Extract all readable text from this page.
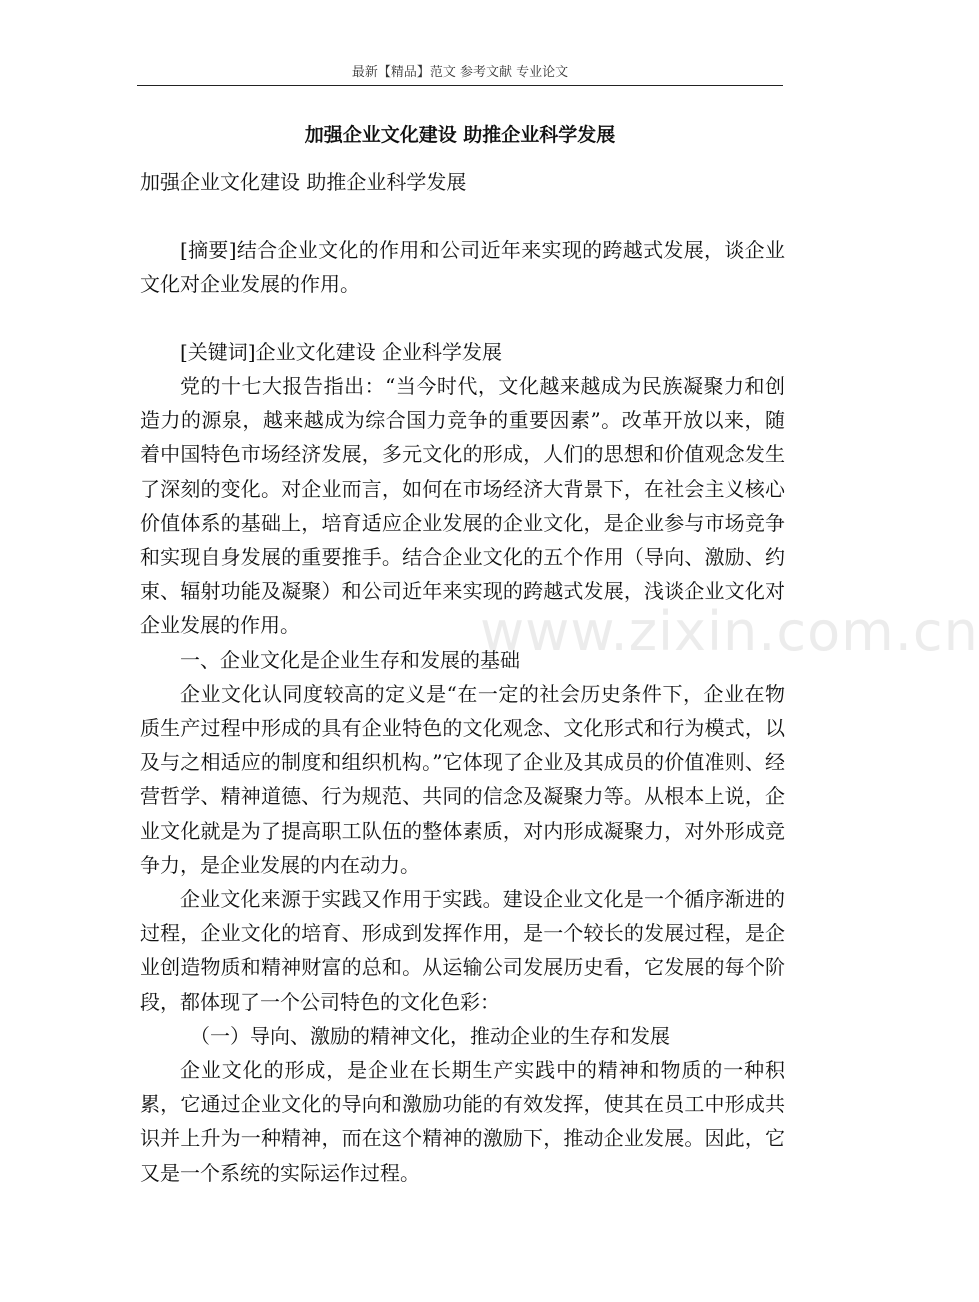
最新【精品】范文 参考文献 专业论文
加强企业文化建设 助推企业科学发展
加强企业文化建设 助推企业科学发展
[摘要]结合企业文化的作用和公司近年来实现的跨越式发展，谈企业文化对企业发展的作用。
[关键词]企业文化建设 企业科学发展

党的十七大报告指出：“当今时代，文化越来越成为民族凝聚力和创造力的源泉，越来越成为综合国力竞争的重要因素”。改革开放以来，随着中国特色市场经济发展，多元文化的形成，人们的思想和价值观念发生了深刻的变化。对企业而言，如何在市场经济大背景下，在社会主义核心价值体系的基础上，培育适应企业发展的企业文化，是企业参与市场竞争和实现自身发展的重要推手。结合企业文化的五个作用（导向、激励、约束、辐射功能及凝聚）和公司近年来实现的跨越式发展，浅谈企业文化对企业发展的作用。

一、企业文化是企业生存和发展的基础

企业文化认同度较高的定义是“在一定的社会历史条件下，企业在物质生产过程中形成的具有企业特色的文化观念、文化形式和行为模式，以及与之相适应的制度和组织机构。”它体现了企业及其成员的价值准则、经营哲学、精神道德、行为规范、共同的信念及凝聚力等。从根本上说，企业文化就是为了提高职工队伍的整体素质，对内形成凝聚力，对外形成竞争力，是企业发展的内在动力。

企业文化来源于实践又作用于实践。建设企业文化是一个循序渐进的过程，企业文化的培育、形成到发挥作用，是一个较长的发展过程，是企业创造物质和精神财富的总和。从运输公司发展历史看，它发展的每个阶段，都体现了一个公司特色的文化色彩：

（一）导向、激励的精神文化，推动企业的生存和发展

企业文化的形成，是企业在长期生产实践中的精神和物质的一种积累，它通过企业文化的导向和激励功能的有效发挥，使其在员工中形成共识并上升为一种精神，而在这个精神的激励下，推动企业发展。因此，它又是一个系统的实际运作过程。

www.zixin.com.cn
